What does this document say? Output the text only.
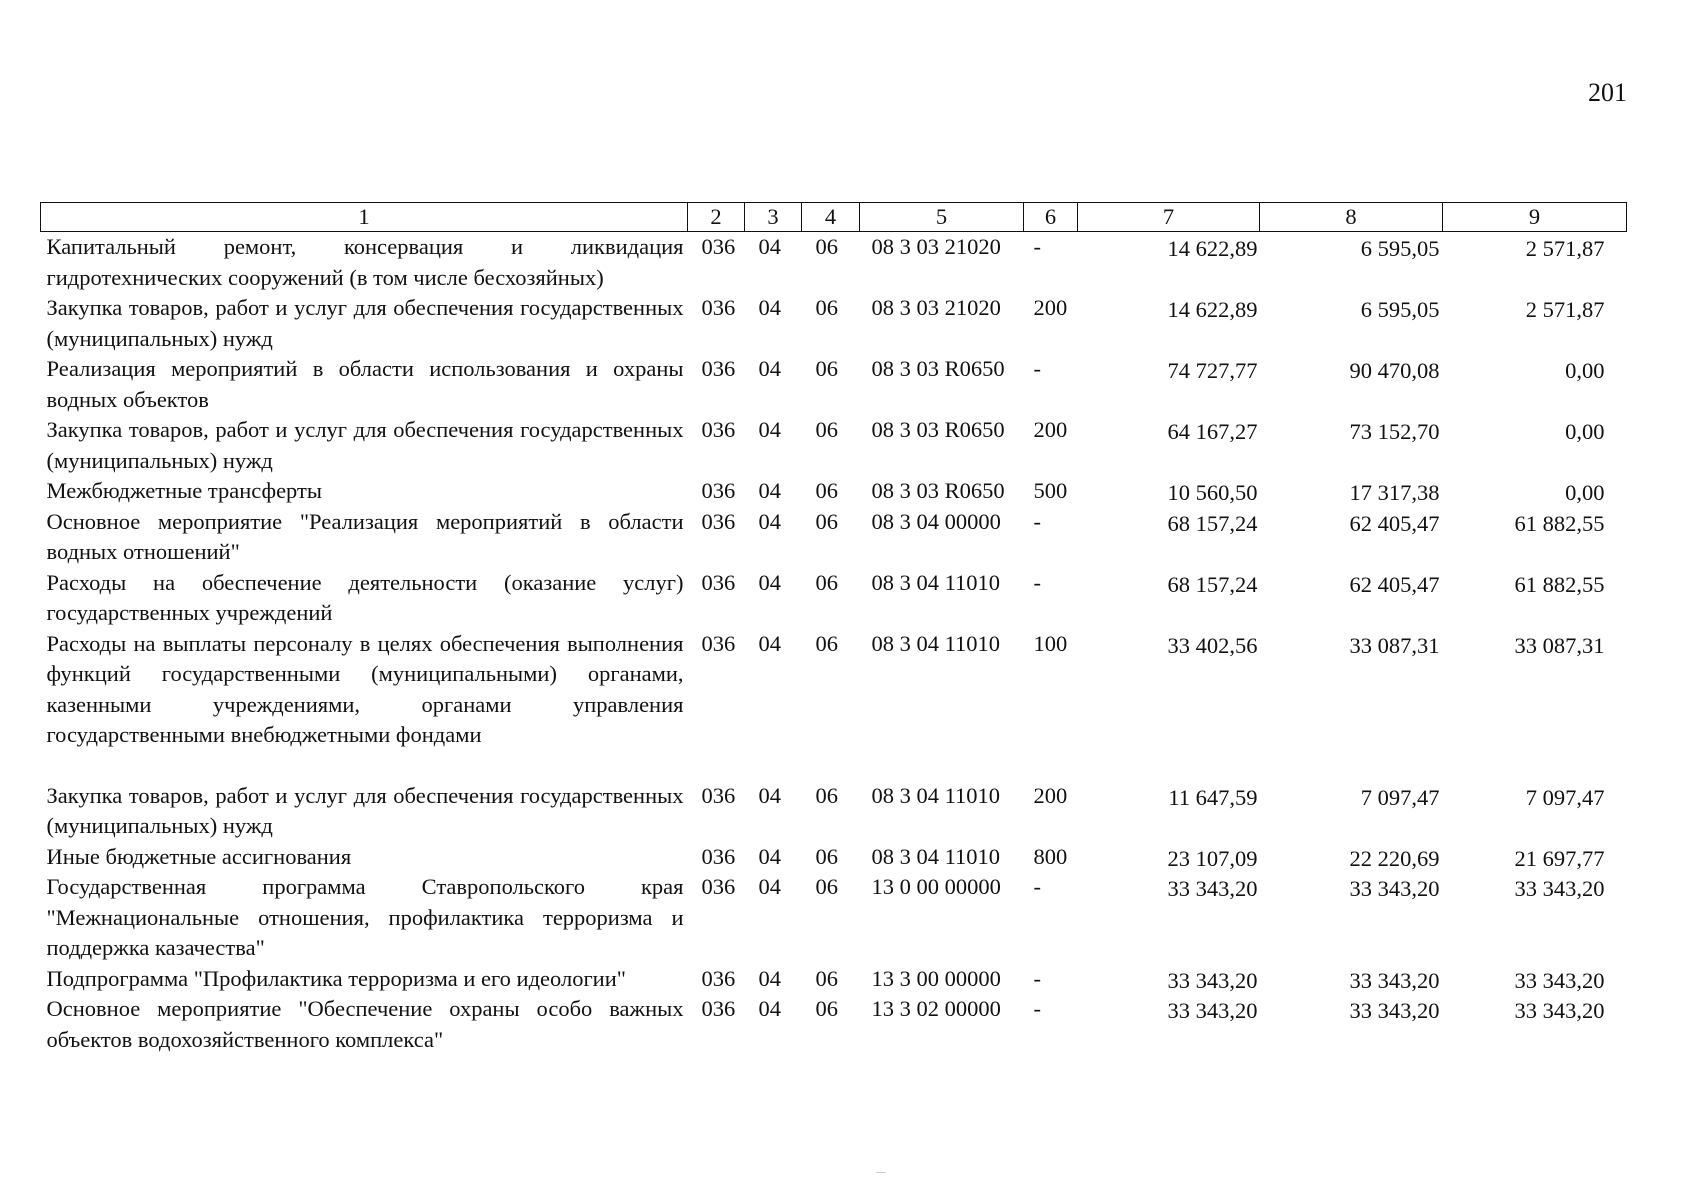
201
1	2	3	4	5	6	7	8	9
Капитальный ремонт, консервация и ликвидация гидротехнических сооружений (в том числе бесхозяйных)	036	04	06	08 3 03 21020	-	14 622,89	6 595,05	2 571,87
Закупка товаров, работ и услуг для обеспечения государственных (муниципальных) нужд	036	04	06	08 3 03 21020	200	14 622,89	6 595,05	2 571,87
Реализация мероприятий в области использования и охраны водных объектов	036	04	06	08 3 03 R0650	-	74 727,77	90 470,08	0,00
Закупка товаров, работ и услуг для обеспечения государственных (муниципальных) нужд	036	04	06	08 3 03 R0650	200	64 167,27	73 152,70	0,00
Межбюджетные трансферты	036	04	06	08 3 03 R0650	500	10 560,50	17 317,38	0,00
Основное мероприятие "Реализация мероприятий в области водных отношений"	036	04	06	08 3 04 00000	-	68 157,24	62 405,47	61 882,55
Расходы на обеспечение деятельности (оказание услуг) государственных учреждений	036	04	06	08 3 04 11010	-	68 157,24	62 405,47	61 882,55
Расходы на выплаты персоналу в целях обеспечения выполнения функций государственными (муниципальными) органами, казенными учреждениями, органами управления государственными внебюджетными фондами	036	04	06	08 3 04 11010	100	33 402,56	33 087,31	33 087,31

Закупка товаров, работ и услуг для обеспечения государственных (муниципальных) нужд	036	04	06	08 3 04 11010	200	11 647,59	7 097,47	7 097,47
Иные бюджетные ассигнования	036	04	06	08 3 04 11010	800	23 107,09	22 220,69	21 697,77
Государственная программа Ставропольского края "Межнациональные отношения, профилактика терроризма и поддержка казачества"	036	04	06	13 0 00 00000	-	33 343,20	33 343,20	33 343,20
Подпрограмма "Профилактика терроризма и его идеологии"	036	04	06	13 3 00 00000	-	33 343,20	33 343,20	33 343,20
Основное мероприятие "Обеспечение охраны особо важных объектов водохозяйственного комплекса"	036	04	06	13 3 02 00000	-	33 343,20	33 343,20	33 343,20
